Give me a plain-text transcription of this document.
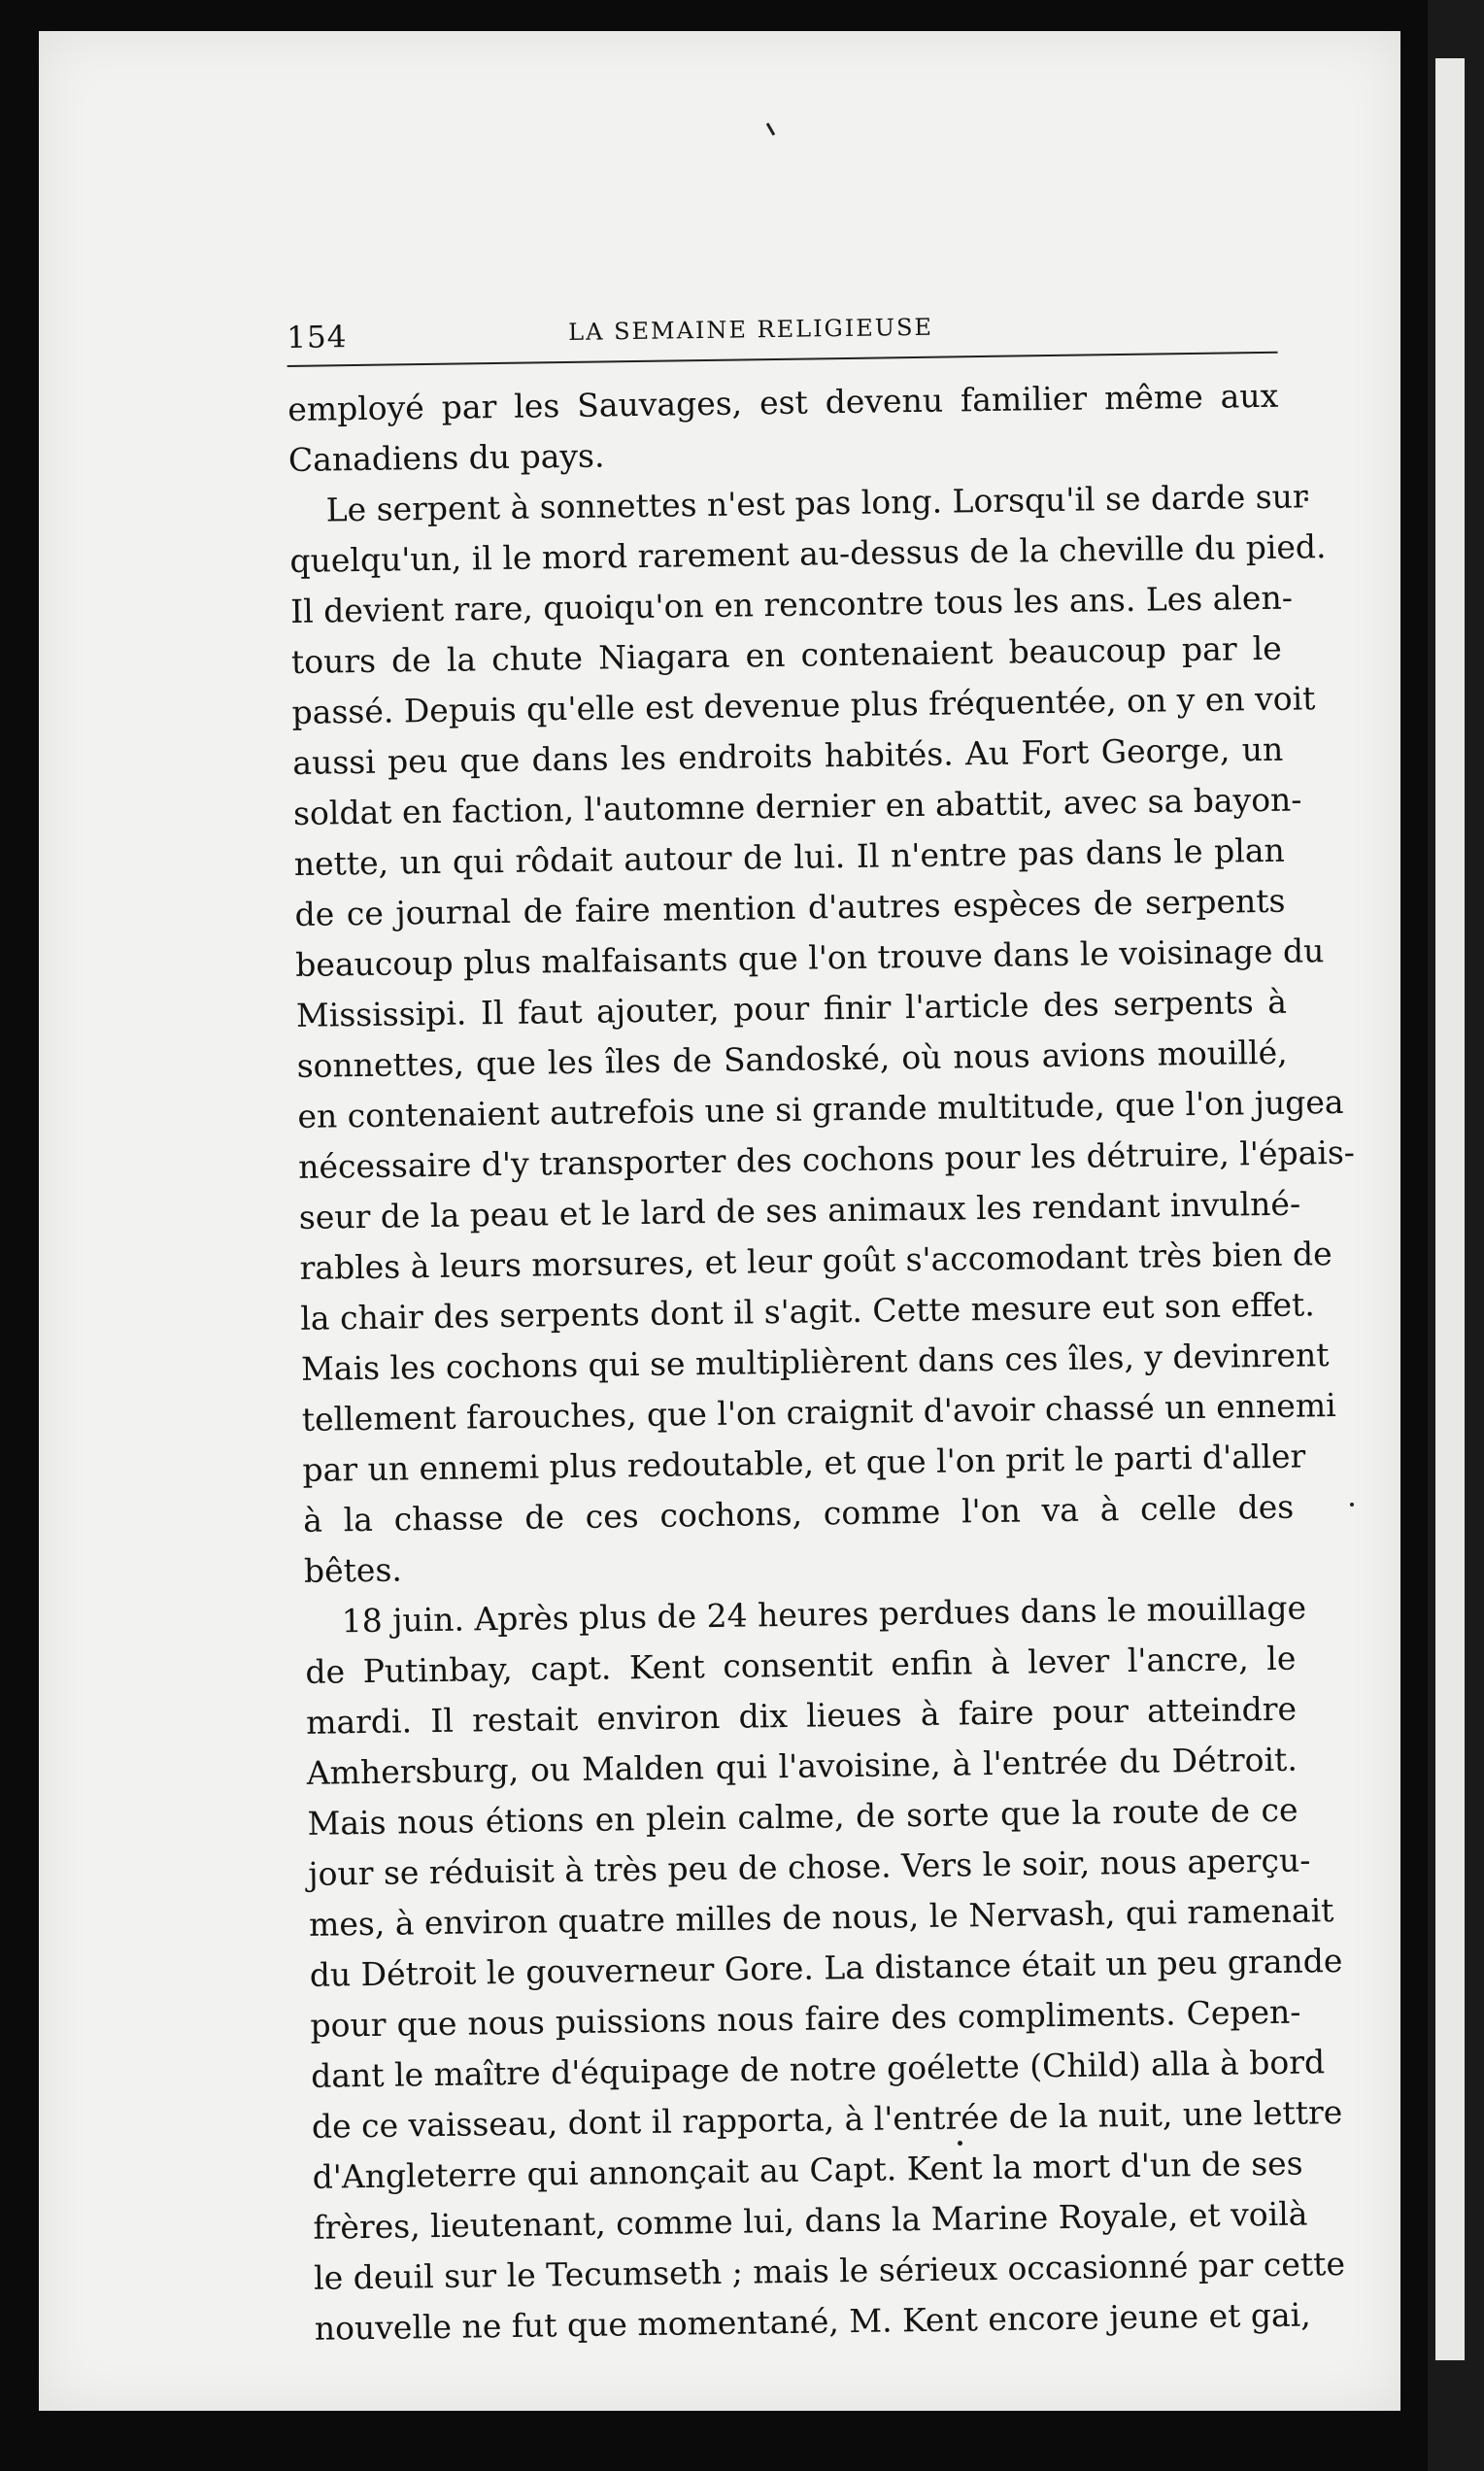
154	LA SEMAINE RELIGIEUSE
employé par les Sauvages, est devenu familier même aux
Canadiens du pays.
Le serpent à sonnettes n'est pas long. Lorsqu'il se darde sur
quelqu'un, il le mord rarement au-dessus de la cheville du pied.
Il devient rare, quoiqu'on en rencontre tous les ans. Les alen-
tours de la chute Niagara en contenaient beaucoup par le
passé. Depuis qu'elle est devenue plus fréquentée, on y en voit
aussi peu que dans les endroits habités. Au Fort George, un
soldat en faction, l'automne dernier en abattit, avec sa bayon-
nette, un qui rôdait autour de lui. Il n'entre pas dans le plan
de ce journal de faire mention d'autres espèces de serpents
beaucoup plus malfaisants que l'on trouve dans le voisinage du
Mississipi. Il faut ajouter, pour finir l'article des serpents à
sonnettes, que les îles de Sandoské, où nous avions mouillé,
en contenaient autrefois une si grande multitude, que l'on jugea
nécessaire d'y transporter des cochons pour les détruire, l'épais-
seur de la peau et le lard de ses animaux les rendant invulné-
rables à leurs morsures, et leur goût s'accomodant très bien de
la chair des serpents dont il s'agit. Cette mesure eut son effet.
Mais les cochons qui se multiplièrent dans ces îles, y devinrent
tellement farouches, que l'on craignit d'avoir chassé un ennemi
par un ennemi plus redoutable, et que l'on prit le parti d'aller
à la chasse de ces cochons, comme l'on va à celle des
bêtes.
18 juin. Après plus de 24 heures perdues dans le mouillage
de Putinbay, capt. Kent consentit enfin à lever l'ancre, le
mardi. Il restait environ dix lieues à faire pour atteindre
Amhersburg, ou Malden qui l'avoisine, à l'entrée du Détroit.
Mais nous étions en plein calme, de sorte que la route de ce
jour se réduisit à très peu de chose. Vers le soir, nous aperçu-
mes, à environ quatre milles de nous, le Nervash, qui ramenait
du Détroit le gouverneur Gore. La distance était un peu grande
pour que nous puissions nous faire des compliments. Cepen-
dant le maître d'équipage de notre goélette (Child) alla à bord
de ce vaisseau, dont il rapporta, à l'entrée de la nuit, une lettre
d'Angleterre qui annonçait au Capt. Kent la mort d'un de ses
frères, lieutenant, comme lui, dans la Marine Royale, et voilà
le deuil sur le Tecumseth ; mais le sérieux occasionné par cette
nouvelle ne fut que momentané, M. Kent encore jeune et gai,
